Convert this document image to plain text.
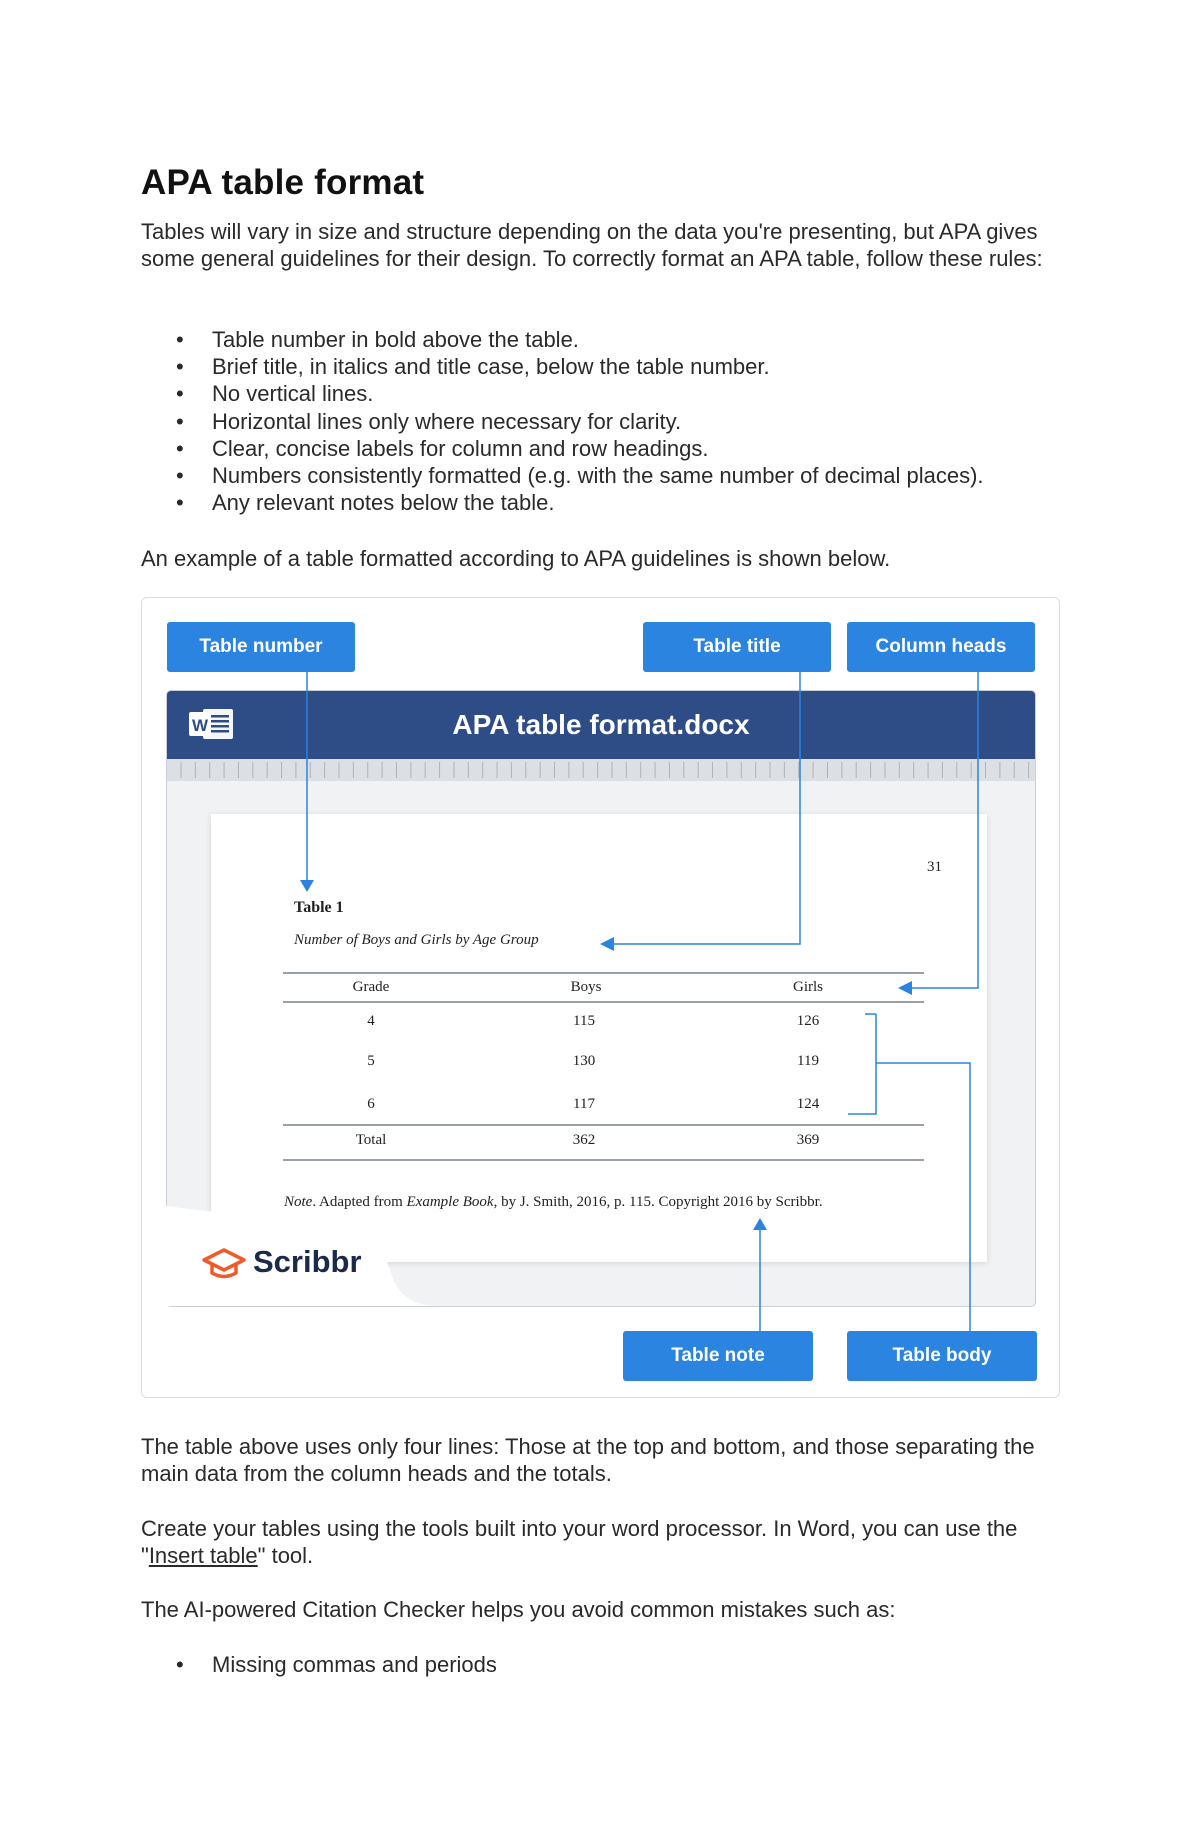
APA table format
Tables will vary in size and structure depending on the data you're presenting, but APA gives some general guidelines for their design. To correctly format an APA table, follow these rules:
• Table number in bold above the table.
• Brief title, in italics and title case, below the table number.
• No vertical lines.
• Horizontal lines only where necessary for clarity.
• Clear, concise labels for column and row headings.
• Numbers consistently formatted (e.g. with the same number of decimal places).
• Any relevant notes below the table.
An example of a table formatted according to APA guidelines is shown below.
W	APA table format.docx
Scribbr
31
Table 1
Number of Boys and Girls by Age Group
Grade	Boys	Girls
4	115	126
5	130	119
6	117	124
Total	362	369
Note. Adapted from Example Book, by J. Smith, 2016, p. 115. Copyright 2016 by Scribbr.
Table number	Table title	Column heads
Table note	Table body
The table above uses only four lines: Those at the top and bottom, and those separating the main data from the column heads and the totals.
Create your tables using the tools built into your word processor. In Word, you can use the "Insert table" tool.
The AI-powered Citation Checker helps you avoid common mistakes such as:
• Missing commas and periods
